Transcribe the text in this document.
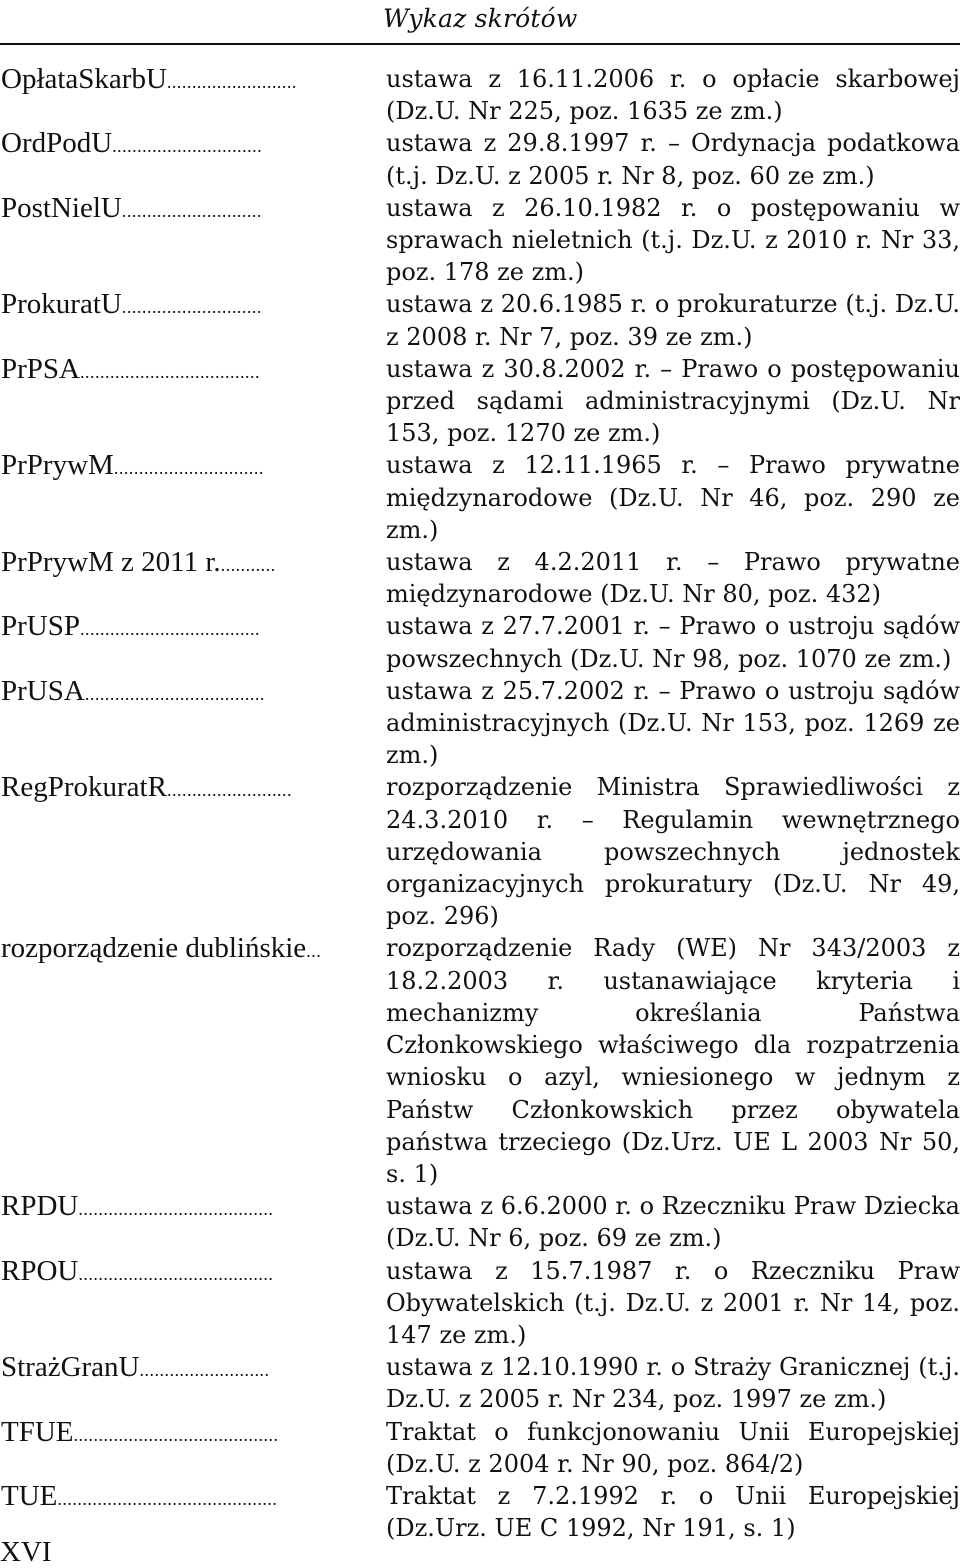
Wykaz skrótów
OpłataSkarbU..........................	ustawa z 16.11.2006 r. o opłacie skarbowej (Dz.U. Nr 225, poz. 1635 ze zm.)
OrdPodU..............................	ustawa z 29.8.1997 r. – Ordynacja podatkowa (t.j. Dz.U. z 2005 r. Nr 8, poz. 60 ze zm.)
PostNielU............................	ustawa z 26.10.1982 r. o postępowaniu w sprawach nieletnich (t.j. Dz.U. z 2010 r. Nr 33, poz. 178 ze zm.)
ProkuratU............................	ustawa z 20.6.1985 r. o prokuraturze (t.j. Dz.U. z 2008 r. Nr 7, poz. 39 ze zm.)
PrPSA....................................	ustawa z 30.8.2002 r. – Prawo o postępowaniu przed sądami administracyjnymi (Dz.U. Nr 153, poz. 1270 ze zm.)
PrPrywM..............................	ustawa z 12.11.1965 r. – Prawo prywatne międzynarodowe (Dz.U. Nr 46, poz. 290 ze zm.)
PrPrywM z 2011 r............	ustawa z 4.2.2011 r. – Prawo prywatne międzynarodowe (Dz.U. Nr 80, poz. 432)
PrUSP....................................	ustawa z 27.7.2001 r. – Prawo o ustroju sądów powszechnych (Dz.U. Nr 98, poz. 1070 ze zm.)
PrUSA....................................	ustawa z 25.7.2002 r. – Prawo o ustroju sądów administracyjnych (Dz.U. Nr 153, poz. 1269 ze zm.)
RegProkuratR.........................	rozporządzenie Ministra Sprawiedliwości z 24.3.2010 r. – Regulamin wewnętrznego urzędowania powszechnych jednostek organizacyjnych prokuratury (Dz.U. Nr 49, poz. 296)
rozporządzenie dublińskie...	rozporządzenie Rady (WE) Nr 343/2003 z 18.2.2003 r. ustanawiające kryteria i mechanizmy określania Państwa Członkowskiego właściwego dla rozpatrzenia wniosku o azyl, wniesionego w jednym z Państw Członkowskich przez obywatela państwa trzeciego (Dz.Urz. UE L 2003 Nr 50, s. 1)
RPDU.......................................	ustawa z 6.6.2000 r. o Rzeczniku Praw Dziecka (Dz.U. Nr 6, poz. 69 ze zm.)
RPOU.......................................	ustawa z 15.7.1987 r. o Rzeczniku Praw Obywatelskich (t.j. Dz.U. z 2001 r. Nr 14, poz. 147 ze zm.)
StrażGranU..........................	ustawa z 12.10.1990 r. o Straży Granicznej (t.j. Dz.U. z 2005 r. Nr 234, poz. 1997 ze zm.)
TFUE.........................................	Traktat o funkcjonowaniu Unii Europejskiej (Dz.U. z 2004 r. Nr 90, poz. 864/2)
TUE............................................	Traktat z 7.2.1992 r. o Unii Europejskiej (Dz.Urz. UE C 1992, Nr 191, s. 1)
XVI
